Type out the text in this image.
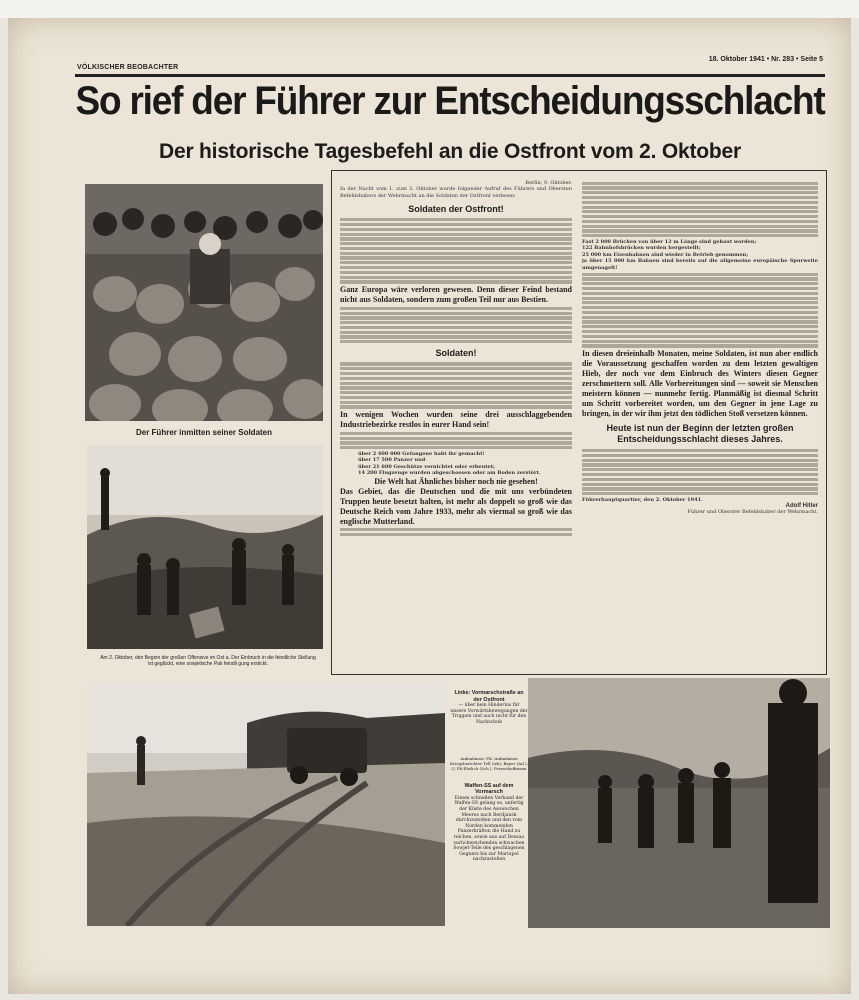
VÖLKISCHER BEOBACHTER
18. Oktober 1941 • Nr. 283 • Seite 5
So rief der Führer zur Entscheidungsschlacht
Der historische Tagesbefehl an die Ostfront vom 2. Oktober
Der Führer inmitten seiner Soldaten
Am 2. Oktober, den Beginn der großen Offensive im Ost a. Der Einbruch in die feindliche Stellung ist geglückt, eine sowjetische Pak feindli gung erstickt.
Berlin, 9. Oktober.
In der Nacht vom 1. zum 2. Oktober wurde folgender Aufruf des Führers und Obersten Befehlshabers der Wehrmacht an die Soldaten der Ostfront verlesen:
Soldaten der Ostfront!
Ganz Europa wäre verloren gewesen. Denn dieser Feind bestand nicht aus Soldaten, sondern zum großen Teil nur aus Bestien.
Soldaten!
In wenigen Wochen wurden seine drei ausschlaggebenden Industriebezirke restlos in eurer Hand sein!
über 2 400 000 Gefangene habt ihr gemacht!
über 17 500 Panzer und
über 21 600 Geschütze vernichtet oder erbeutet;
14 200 Flugzeuge wurden abgeschossen oder am Boden zerstört.
Die Welt hat Ähnliches bisher noch nie gesehen!
Das Gebiet, das die Deutschen und die mit uns verbündeten Truppen heute besetzt halten, ist mehr als doppelt so groß wie das Deutsche Reich vom Jahre 1933, mehr als viermal so groß wie das englische Mutterland.
Fast 2 000 Brücken von über 12 m Länge sind gebaut worden;
122 Bahnhofsbrücken wurden hergestellt;
25 000 km Eisenbahnen sind wieder in Betrieb genommen;
ja über 15 000 km Bahnen sind bereits auf die allgemeine europäische Spurweite umgenagelt!
In diesen dreieinhalb Monaten, meine Soldaten, ist nun aber endlich die Voraussetzung geschaffen worden zu dem letzten gewaltigen Hieb, der noch vor dem Einbruch des Winters diesen Gegner zerschmettern soll. Alle Vorbereitungen sind — soweit sie Menschen meistern können — nunmehr fertig. Planmäßig ist diesmal Schritt um Schritt vorbereitet worden, um den Gegner in jene Lage zu bringen, in der wir ihm jetzt den tödlichen Stoß versetzen können.
Heute ist nun der Beginn der letzten großen Entscheidungsschlacht dieses Jahres.
Führerhauptquartier, den 2. Oktober 1941.
Adolf Hitler
Führer und Oberster Befehlshaber der Wehrmacht.
Linke: Vormarschstraße an der Ostfront
— über kein Hindernis für unsere Vorwärtsbewegungen der Truppen und auch nicht für den Nachschub
Aufnahmen: PK.-Aufnahmen Kriegsberichter Tell (wb), Bayer (Atl.), (2 PK-Ehrlich (Sch.), Pressehoffmann
Waffen-SS auf dem Vormarsch
Einem schnellen Verband der Waffen-SS gelang es, unfertig der Küste des Asowschen Meeres nach Berdjansk durchzustoßen und den vom Norden kommenden Panzerkräften die Hand zu reichen, sowie aus auf Dessau zurückweichenden schwachen Sowjet-Teile des geschlagenen Gegners bis zur Mariupol nachzustoßen
